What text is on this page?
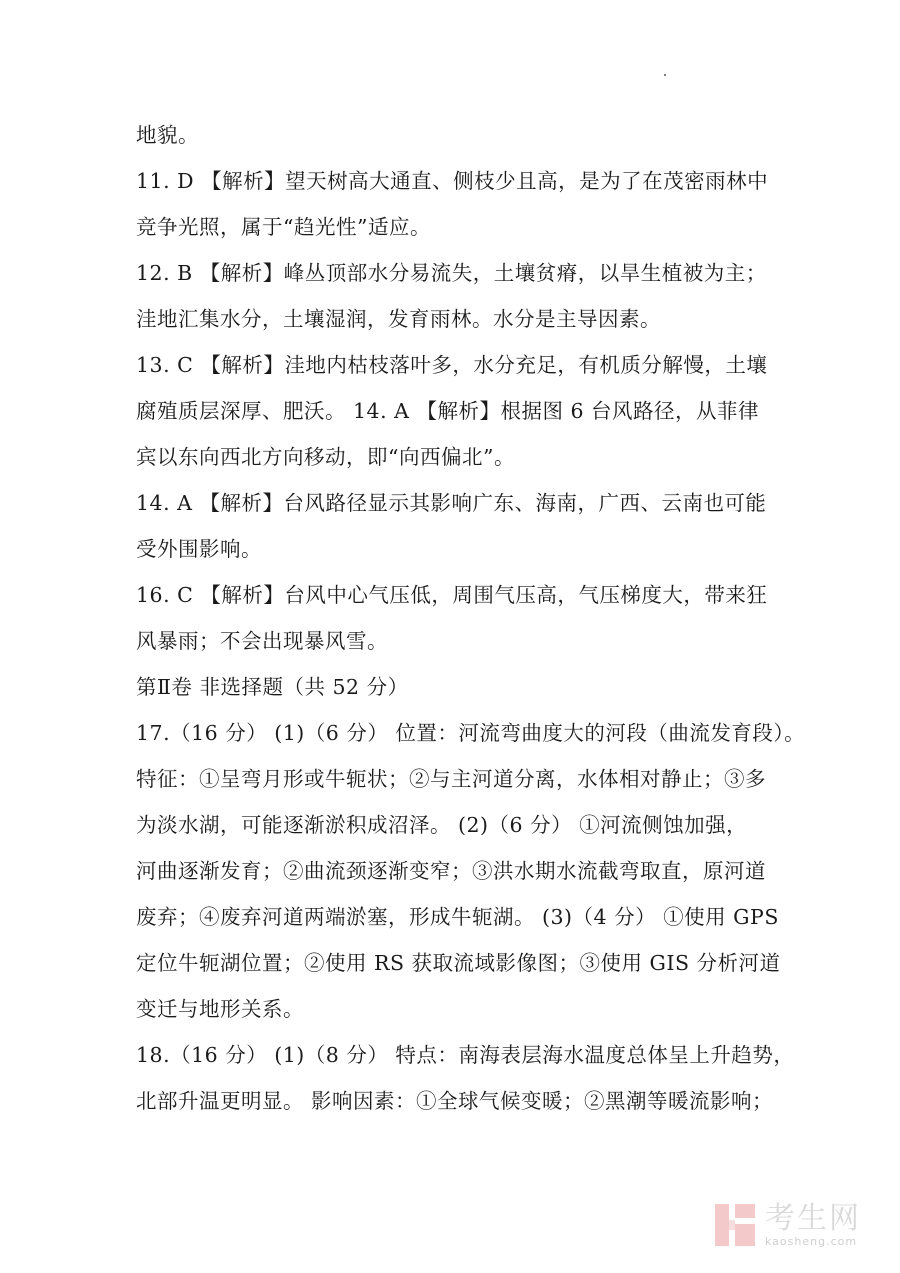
地貌。
11. D 【解析】望天树高大通直、侧枝少且高，是为了在茂密雨林中
竞争光照，属于“趋光性”适应。
12. B 【解析】峰丛顶部水分易流失，土壤贫瘠，以旱生植被为主；
洼地汇集水分，土壤湿润，发育雨林。水分是主导因素。
13. C 【解析】洼地内枯枝落叶多，水分充足，有机质分解慢，土壤
腐殖质层深厚、肥沃。 14. A 【解析】根据图 6 台风路径，从菲律
宾以东向西北方向移动，即“向西偏北”。
14. A 【解析】台风路径显示其影响广东、海南，广西、云南也可能
受外围影响。
16. C 【解析】台风中心气压低，周围气压高，气压梯度大，带来狂
风暴雨；不会出现暴风雪。
第Ⅱ卷 非选择题（共 52 分）
17.（16 分） (1)（6 分） 位置：河流弯曲度大的河段（曲流发育段）。
特征：①呈弯月形或牛轭状；②与主河道分离，水体相对静止；③多
为淡水湖，可能逐渐淤积成沼泽。 (2)（6 分） ①河流侧蚀加强，
河曲逐渐发育；②曲流颈逐渐变窄；③洪水期水流截弯取直，原河道
废弃；④废弃河道两端淤塞，形成牛轭湖。 (3)（4 分） ①使用 GPS
定位牛轭湖位置；②使用 RS 获取流域影像图；③使用 GIS 分析河道
变迁与地形关系。
18.（16 分） (1)（8 分） 特点：南海表层海水温度总体呈上升趋势，
北部升温更明显。 影响因素：①全球气候变暖；②黑潮等暖流影响；
考生网
kaosheng.com
